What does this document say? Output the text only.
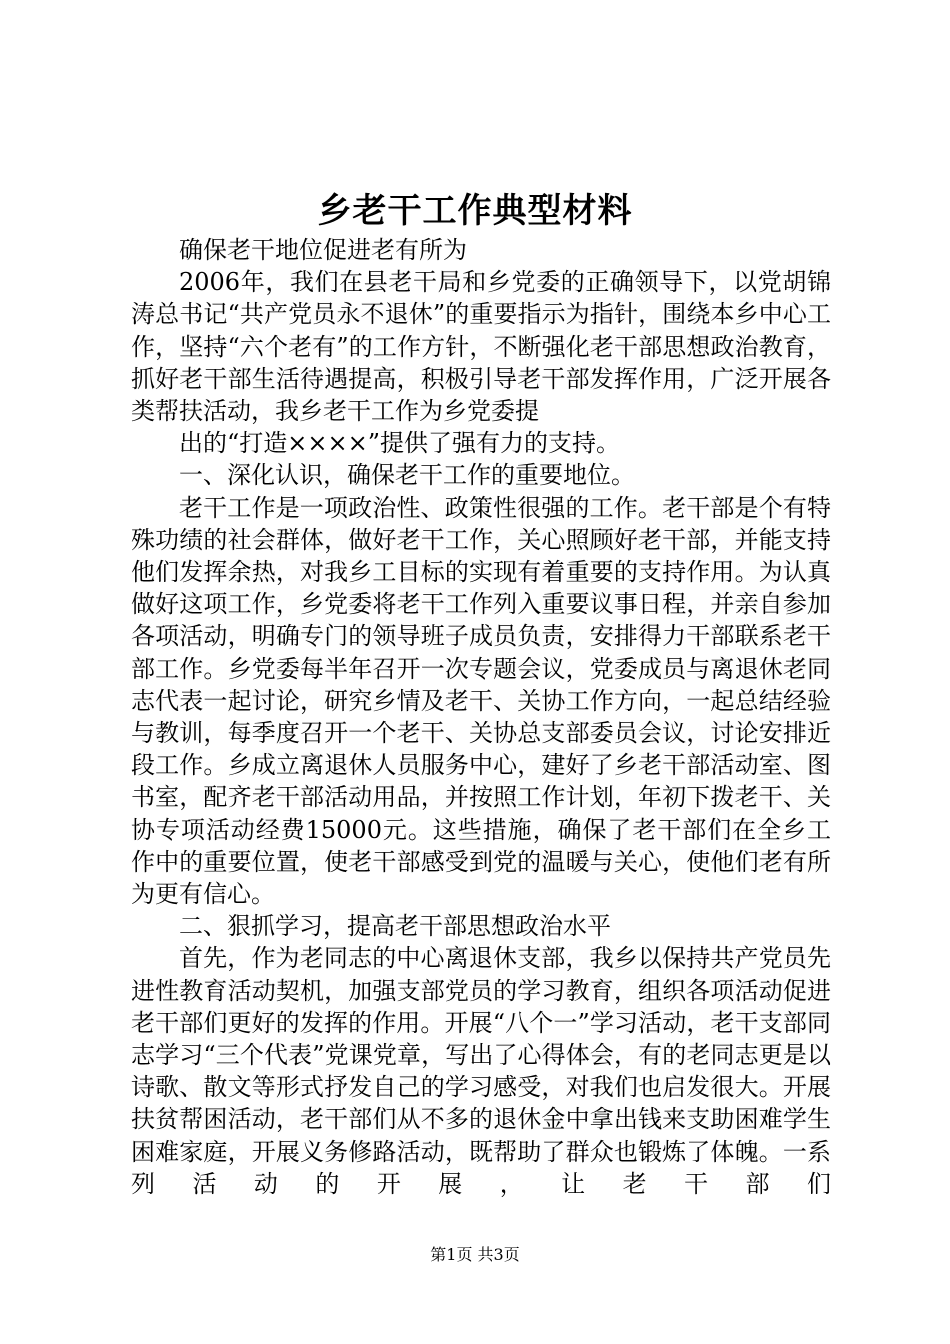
乡老干工作典型材料

确保老干地位促进老有所为

2006年，我们在县老干局和乡党委的正确领导下，以党胡锦涛总书记“共产党员永不退休”的重要指示为指针，围绕本乡中心工作，坚持“六个老有”的工作方针，不断强化老干部思想政治教育，抓好老干部生活待遇提高，积极引导老干部发挥作用，广泛开展各类帮扶活动，我乡老干工作为乡党委提

出的“打造××××”提供了强有力的支持。

一、深化认识，确保老干工作的重要地位。

老干工作是一项政治性、政策性很强的工作。老干部是个有特殊功绩的社会群体，做好老干工作，关心照顾好老干部，并能支持他们发挥余热，对我乡工目标的实现有着重要的支持作用。为认真做好这项工作，乡党委将老干工作列入重要议事日程，并亲自参加各项活动，明确专门的领导班子成员负责，安排得力干部联系老干部工作。乡党委每半年召开一次专题会议，党委成员与离退休老同志代表一起讨论，研究乡情及老干、关协工作方向，一起总结经验与教训，每季度召开一个老干、关协总支部委员会议，讨论安排近段工作。乡成立离退休人员服务中心，建好了乡老干部活动室、图书室，配齐老干部活动用品，并按照工作计划，年初下拨老干、关协专项活动经费15000元。这些措施，确保了老干部们在全乡工作中的重要位置，使老干部感受到党的温暖与关心，使他们老有所为更有信心。

二、狠抓学习，提高老干部思想政治水平

首先，作为老同志的中心离退休支部，我乡以保持共产党员先进性教育活动契机，加强支部党员的学习教育，组织各项活动促进老干部们更好的发挥的作用。开展“八个一”学习活动，老干支部同志学习“三个代表”党课党章，写出了心得体会，有的老同志更是以诗歌、散文等形式抒发自己的学习感受，对我们也启发很大。开展扶贫帮困活动，老干部们从不多的退休金中拿出钱来支助困难学生困难家庭，开展义务修路活动，既帮助了群众也锻炼了体魄。一系列活动的开展，让老干部们

第1页 共3页
